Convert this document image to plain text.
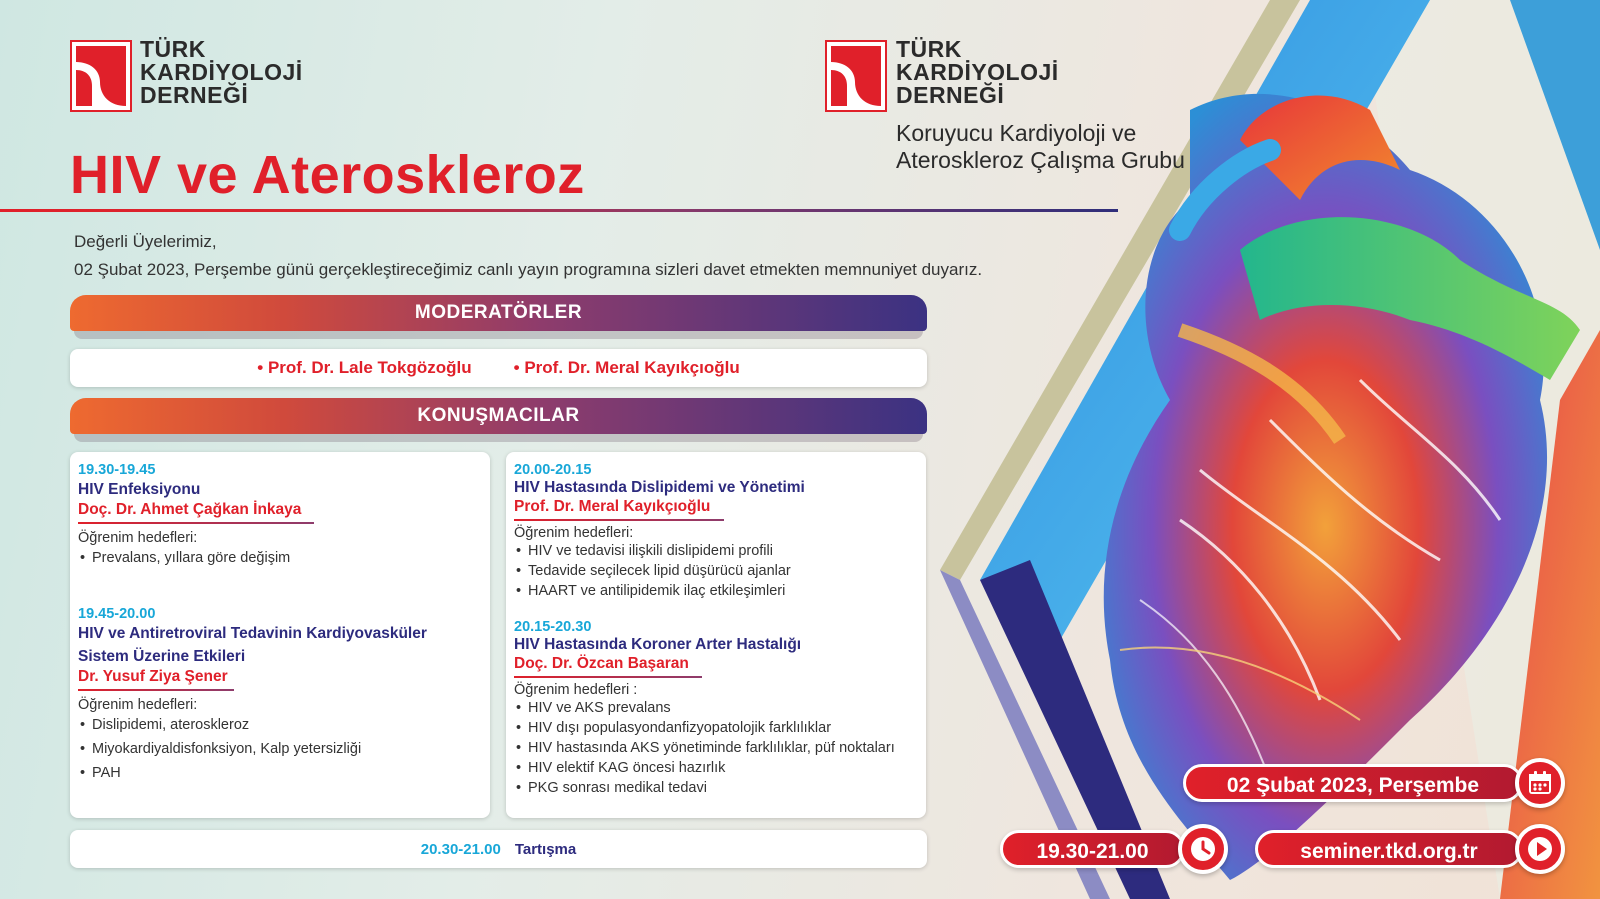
TÜRK
KARDİYOLOJİ
DERNEĞİ
TÜRK
KARDİYOLOJİ
DERNEĞİ
Koruyucu Kardiyoloji ve
Ateroskleroz Çalışma Grubu
HIV ve Ateroskleroz
Değerli Üyelerimiz,
02 Şubat 2023, Perşembe günü gerçekleştireceğimiz canlı yayın programına sizleri davet etmekten memnuniyet duyarız.
MODERATÖRLER
• Prof. Dr. Lale Tokgözoğlu • Prof. Dr. Meral Kayıkçıoğlu
KONUŞMACILAR
19.30-19.45
HIV Enfeksiyonu
Doç. Dr. Ahmet Çağkan İnkaya
Öğrenim hedefleri:
• Prevalans, yıllara göre değişim
19.45-20.00
HIV ve Antiretroviral Tedavinin Kardiyovasküler
Sistem Üzerine Etkileri
Dr. Yusuf Ziya Şener
Öğrenim hedefleri:
• Dislipidemi, ateroskleroz
• Miyokardiyaldisfonksiyon, Kalp yetersizliği
• PAH
20.00-20.15
HIV Hastasında Dislipidemi ve Yönetimi
Prof. Dr. Meral Kayıkçıoğlu
Öğrenim hedefleri:
• HIV ve tedavisi ilişkili dislipidemi profili
• Tedavide seçilecek lipid düşürücü ajanlar
• HAART ve antilipidemik ilaç etkileşimleri
20.15-20.30
HIV Hastasında Koroner Arter Hastalığı
Doç. Dr. Özcan Başaran
Öğrenim hedefleri :
• HIV ve AKS prevalans
• HIV dışı populasyondanfizyopatolojik farklılıklar
• HIV hastasında AKS yönetiminde farklılıklar, püf noktaları
• HIV elektif KAG öncesi hazırlık
• PKG sonrası medikal tedavi
20.30-21.00 Tartışma
02 Şubat 2023, Perşembe
19.30-21.00	seminer.tkd.org.tr
